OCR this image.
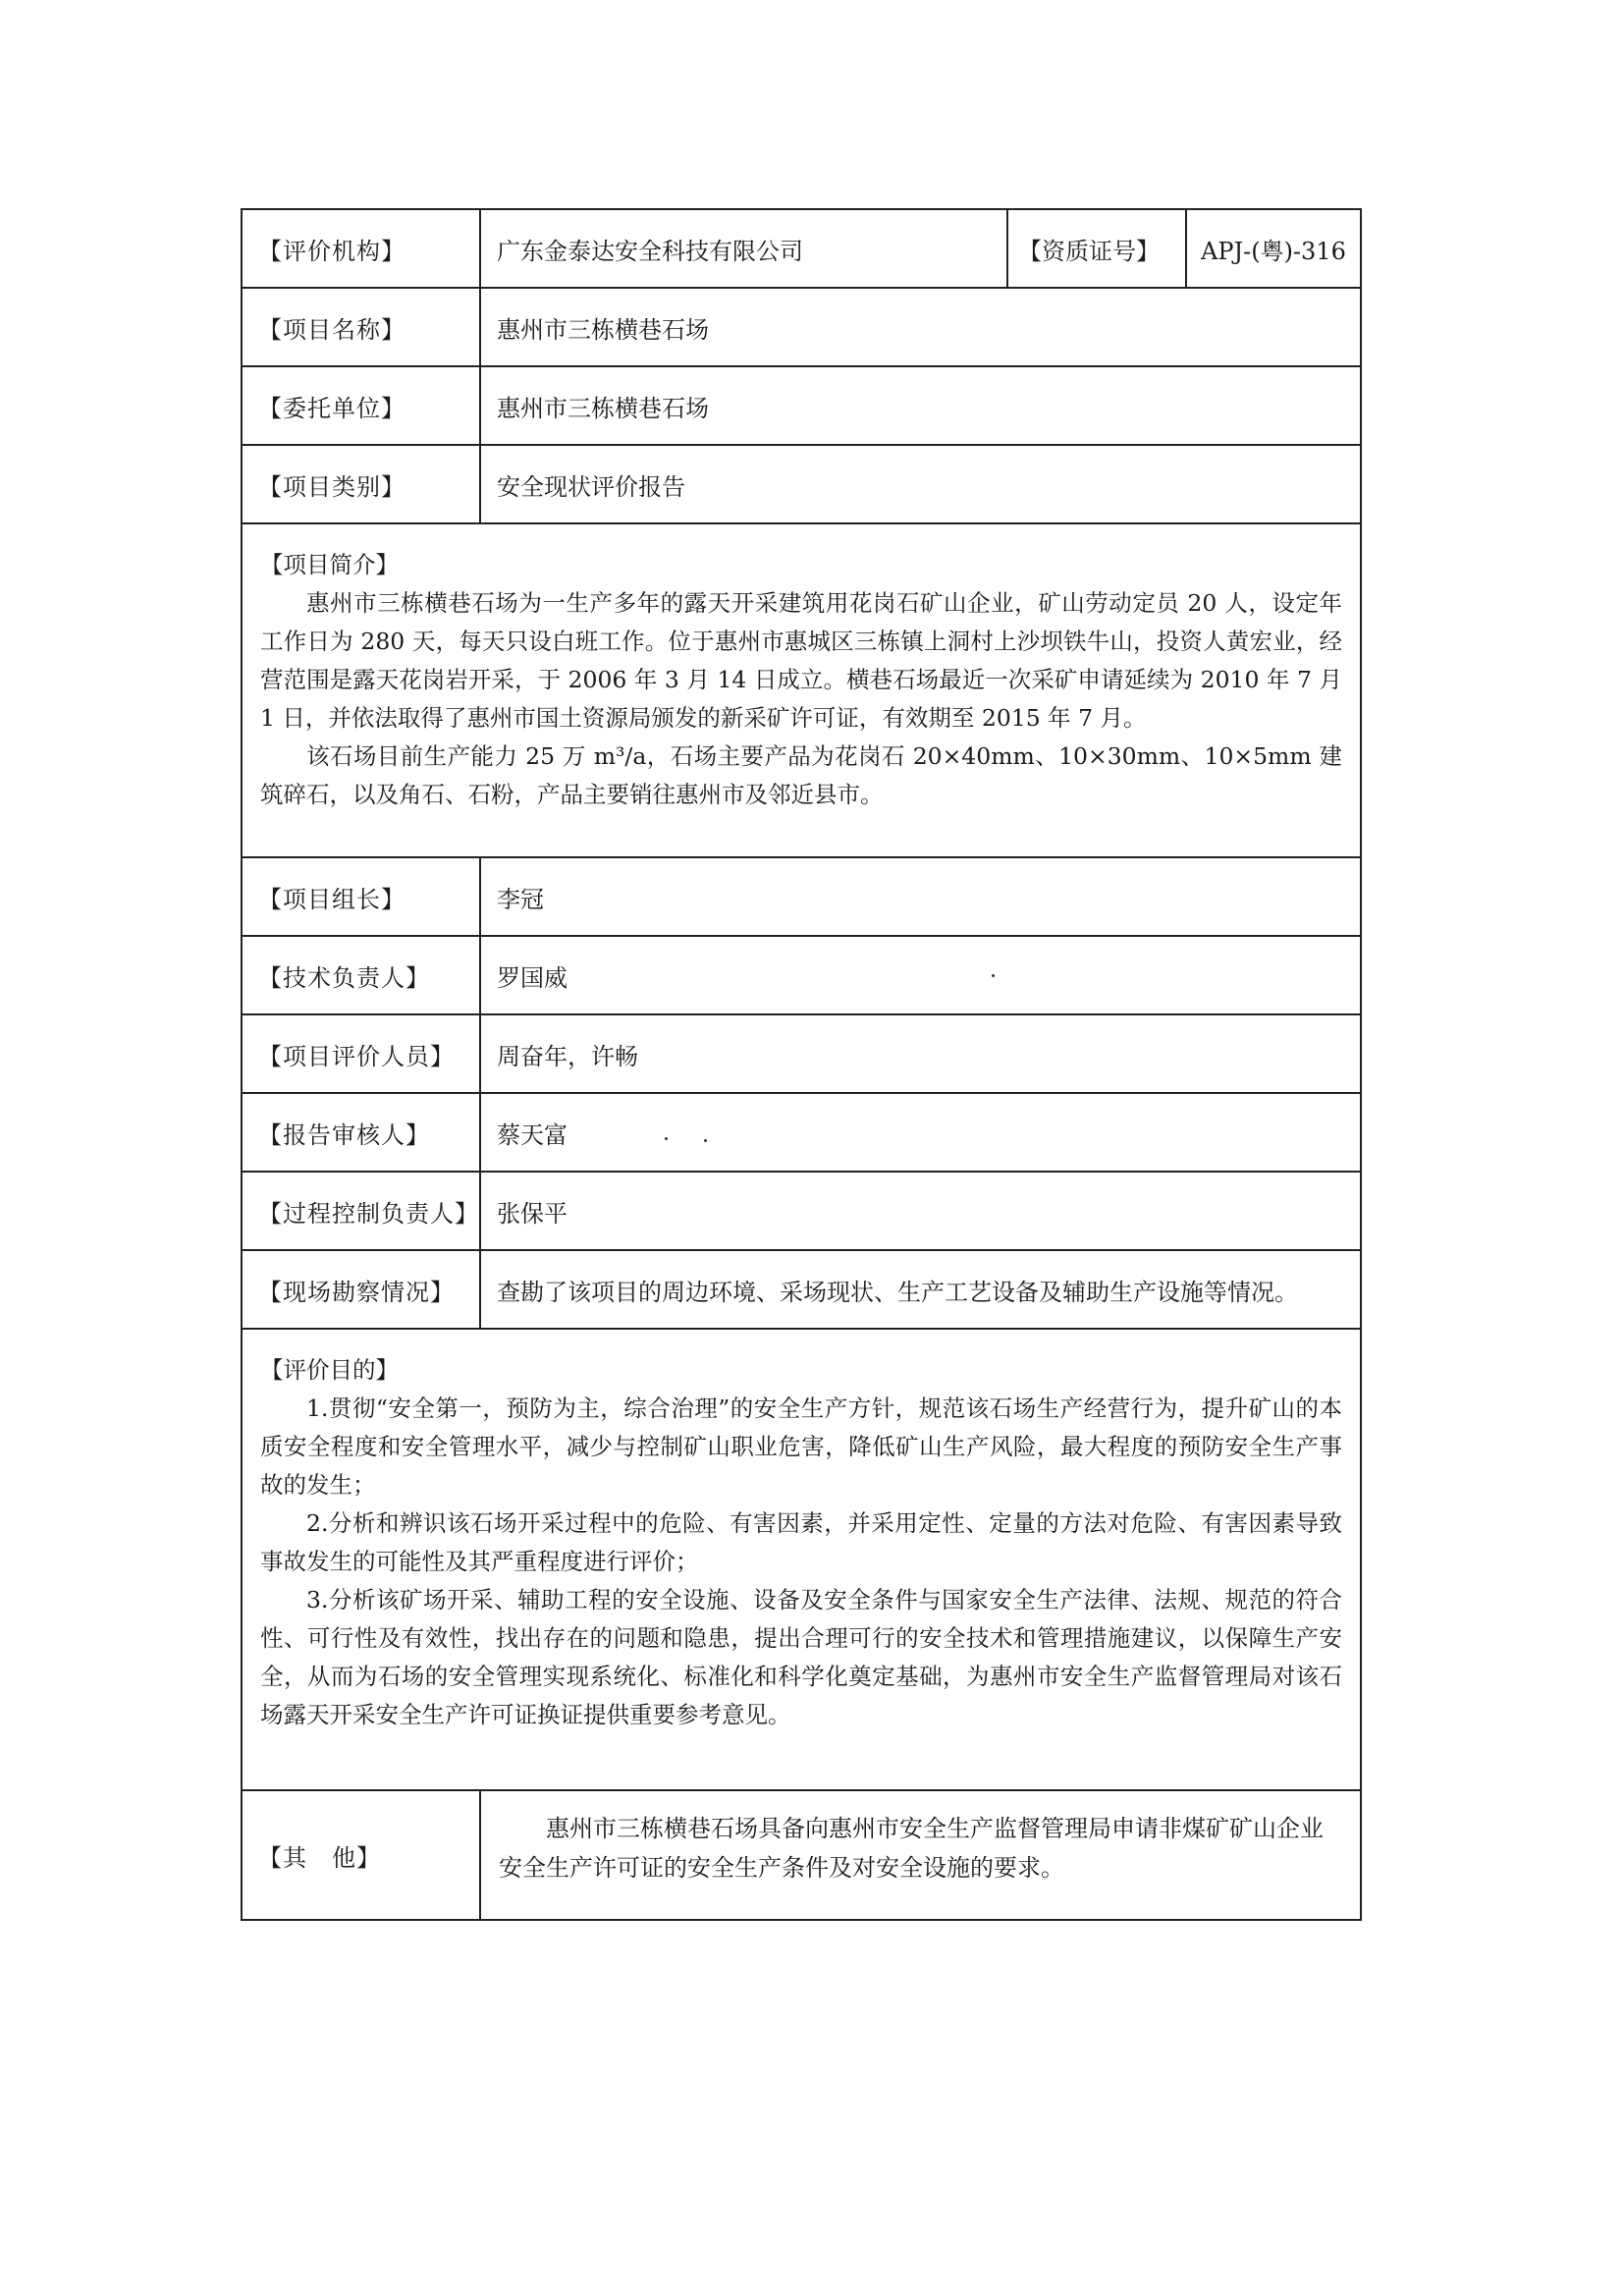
【评价机构】	广东金泰达安全科技有限公司	【资质证号】	APJ-(粤)-316
【项目名称】	惠州市三栋横巷石场
【委托单位】	惠州市三栋横巷石场
【项目类别】	安全现状评价报告
【项目简介】

惠州市三栋横巷石场为一生产多年的露天开采建筑用花岗石矿山企业，矿山劳动定员 20 人，设定年工作日为 280 天，每天只设白班工作。位于惠州市惠城区三栋镇上洞村上沙坝铁牛山，投资人黄宏业，经营范围是露天花岗岩开采，于 2006 年 3 月 14 日成立。横巷石场最近一次采矿申请延续为 2010 年 7 月 1 日，并依法取得了惠州市国土资源局颁发的新采矿许可证，有效期至 2015 年 7 月。

该石场目前生产能力 25 万 m³/a，石场主要产品为花岗石 20×40mm、10×30mm、10×5mm 建筑碎石，以及角石、石粉，产品主要销往惠州市及邻近县市。

【项目组长】	李冠
【技术负责人】	罗国威
【项目评价人员】	周奋年，许畅
【报告审核人】	蔡天富
【过程控制负责人】 张保平
【现场勘察情况】	查勘了该项目的周边环境、采场现状、生产工艺设备及辅助生产设施等情况。
【评价目的】

1.贯彻“安全第一，预防为主，综合治理”的安全生产方针，规范该石场生产经营行为，提升矿山的本质安全程度和安全管理水平，减少与控制矿山职业危害，降低矿山生产风险，最大程度的预防安全生产事故的发生；

2.分析和辨识该石场开采过程中的危险、有害因素，并采用定性、定量的方法对危险、有害因素导致事故发生的可能性及其严重程度进行评价；

3.分析该矿场开采、辅助工程的安全设施、设备及安全条件与国家安全生产法律、法规、规范的符合性、可行性及有效性，找出存在的问题和隐患，提出合理可行的安全技术和管理措施建议，以保障生产安全，从而为石场的安全管理实现系统化、标准化和科学化奠定基础，为惠州市安全生产监督管理局对该石场露天开采安全生产许可证换证提供重要参考意见。

【其　他】

惠州市三栋横巷石场具备向惠州市安全生产监督管理局申请非煤矿矿山企业安全生产许可证的安全生产条件及对安全设施的要求。
